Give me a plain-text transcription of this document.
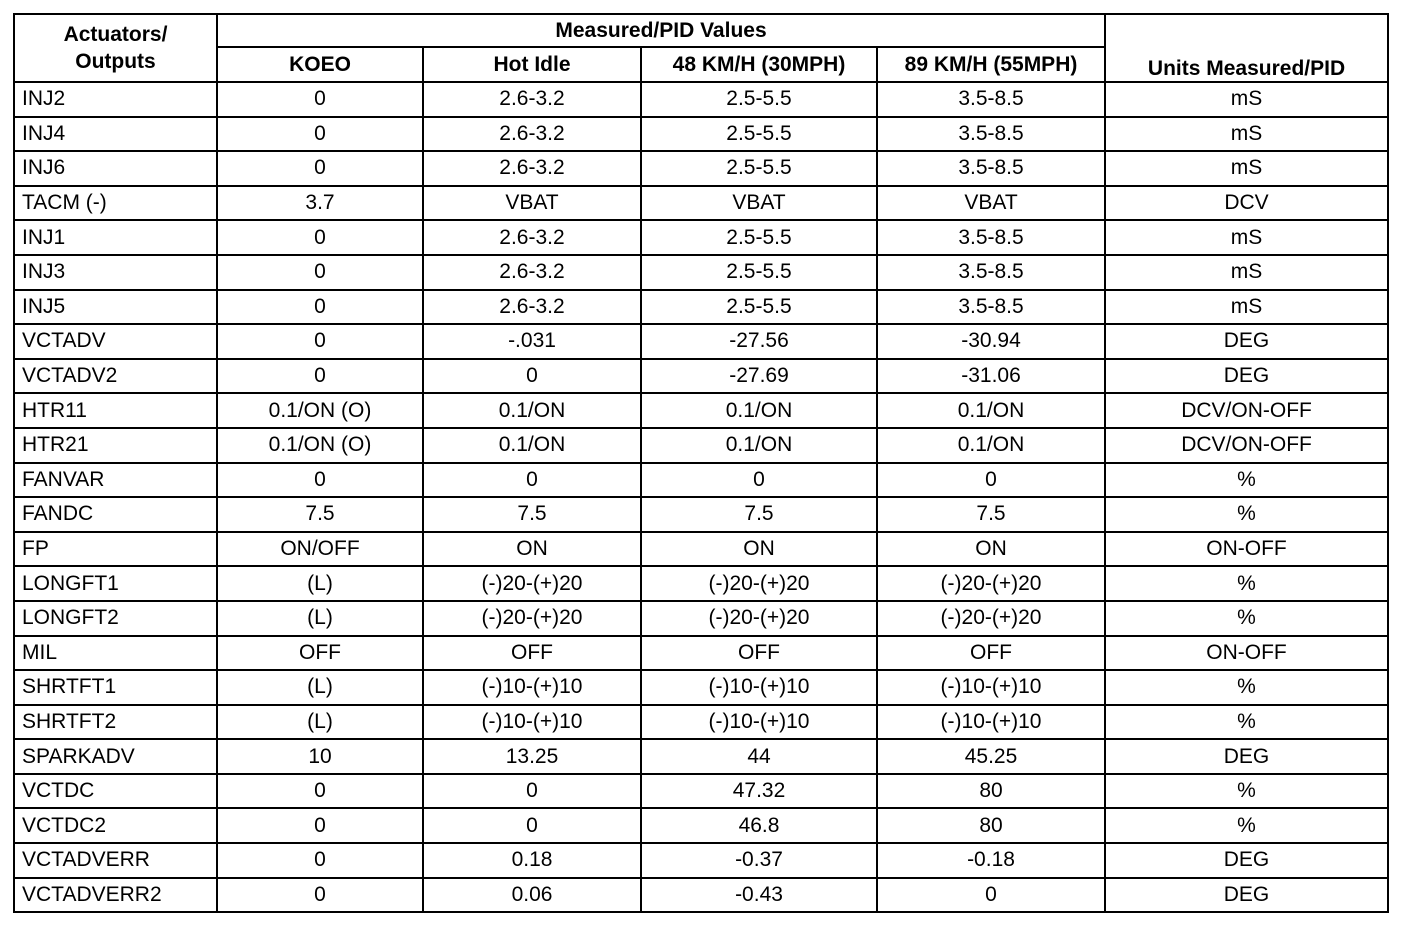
Actuators/
Outputs	Measured/PID Values				Units Measured/PID
	KOEO	Hot Idle	48 KM/H (30MPH)	89 KM/H (55MPH)	
INJ2	0	2.6-3.2	2.5-5.5	3.5-8.5	mS
INJ4	0	2.6-3.2	2.5-5.5	3.5-8.5	mS
INJ6	0	2.6-3.2	2.5-5.5	3.5-8.5	mS
TACM (-)	3.7	VBAT	VBAT	VBAT	DCV
INJ1	0	2.6-3.2	2.5-5.5	3.5-8.5	mS
INJ3	0	2.6-3.2	2.5-5.5	3.5-8.5	mS
INJ5	0	2.6-3.2	2.5-5.5	3.5-8.5	mS
VCTADV	0	-.031	-27.56	-30.94	DEG
VCTADV2	0	0	-27.69	-31.06	DEG
HTR11	0.1/ON (O)	0.1/ON	0.1/ON	0.1/ON	DCV/ON-OFF
HTR21	0.1/ON (O)	0.1/ON	0.1/ON	0.1/ON	DCV/ON-OFF
FANVAR	0	0	0	0	%
FANDC	7.5	7.5	7.5	7.5	%
FP	ON/OFF	ON	ON	ON	ON-OFF
LONGFT1	(L)	(-)20-(+)20	(-)20-(+)20	(-)20-(+)20	%
LONGFT2	(L)	(-)20-(+)20	(-)20-(+)20	(-)20-(+)20	%
MIL	OFF	OFF	OFF	OFF	ON-OFF
SHRTFT1	(L)	(-)10-(+)10	(-)10-(+)10	(-)10-(+)10	%
SHRTFT2	(L)	(-)10-(+)10	(-)10-(+)10	(-)10-(+)10	%
SPARKADV	10	13.25	44	45.25	DEG
VCTDC	0	0	47.32	80	%
VCTDC2	0	0	46.8	80	%
VCTADVERR	0	0.18	-0.37	-0.18	DEG
VCTADVERR2	0	0.06	-0.43	0	DEG
